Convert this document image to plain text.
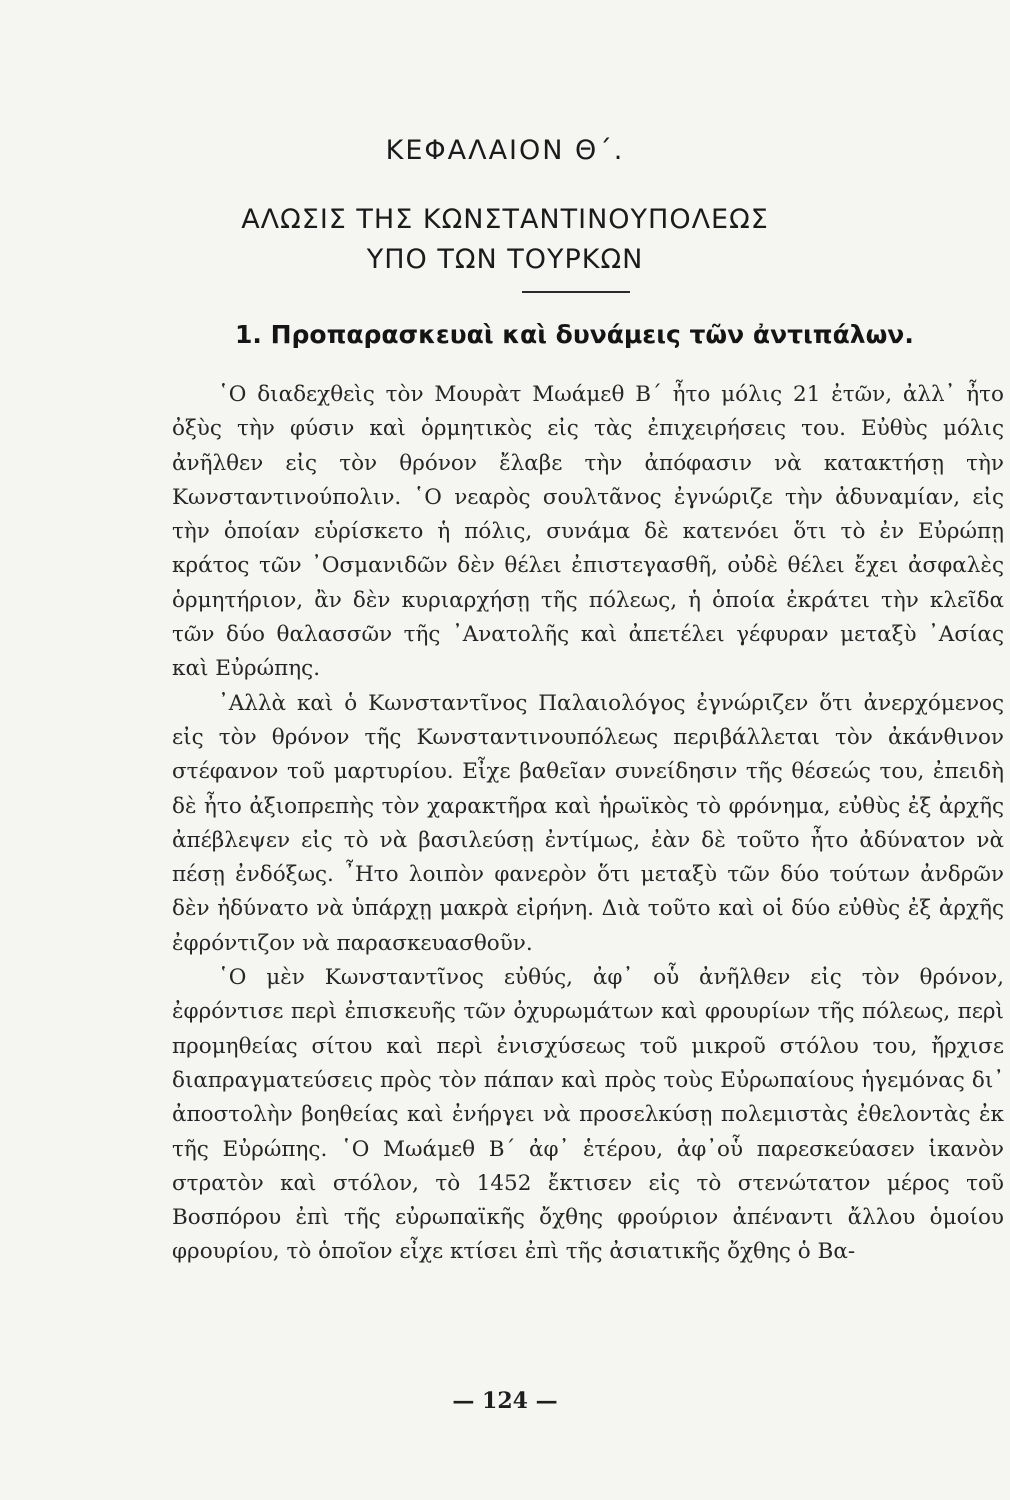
ΚΕΦΑΛΑΙΟΝ Θ΄.
ΑΛΩΣΙΣ ΤΗΣ ΚΩΝΣΤΑΝΤΙΝΟΥΠΟΛΕΩΣ
ΥΠΟ ΤΩΝ ΤΟΥΡΚΩΝ
1. Προπαρασκευαὶ καὶ δυνάμεις τῶν ἀντιπάλων.

῾Ο διαδεχθεὶς τὸν Μουρὰτ Μωάμεθ Β΄ ἦτο μόλις 21 ἐτῶν, ἀλλ᾽ ἦτο ὀξὺς τὴν φύσιν καὶ ὁρμητικὸς εἰς τὰς ἐπιχειρήσεις του. Εὐθὺς μόλις ἀνῆλθεν εἰς τὸν θρόνον ἔλαβε τὴν ἀπόφασιν νὰ κατακτήσῃ τὴν Κωνσταντινούπολιν. ῾Ο νεαρὸς σουλτᾶνος ἐγνώριζε τὴν ἀδυναμίαν, εἰς τὴν ὁποίαν εὑρίσκετο ἡ πόλις, συνάμα δὲ κατενόει ὅτι τὸ ἐν Εὐρώπῃ κράτος τῶν ᾿Οσμανιδῶν δὲν θέλει ἐπιστεγασθῆ, οὐδὲ θέλει ἔχει ἀσφαλὲς ὁρμητήριον, ἂν δὲν κυριαρχήσῃ τῆς πόλεως, ἡ ὁποία ἐκράτει τὴν κλεῖδα τῶν δύο θαλασσῶν τῆς ᾿Ανατολῆς καὶ ἀπετέλει γέφυραν μεταξὺ ᾿Ασίας καὶ Εὐρώπης.

᾿Αλλὰ καὶ ὁ Κωνσταντῖνος Παλαιολόγος ἐγνώριζεν ὅτι ἀνερχόμενος εἰς τὸν θρόνον τῆς Κωνσταντινουπόλεως περιβάλλεται τὸν ἀκάνθινον στέφανον τοῦ μαρτυρίου. Εἶχε βαθεῖαν συνείδησιν τῆς θέσεώς του, ἐπειδὴ δὲ ἦτο ἀξιοπρεπὴς τὸν χαρακτῆρα καὶ ἡρωϊκὸς τὸ φρόνημα, εὐθὺς ἐξ ἀρχῆς ἀπέβλεψεν εἰς τὸ νὰ βασιλεύσῃ ἐντίμως, ἐὰν δὲ τοῦτο ἦτο ἀδύνατον νὰ πέσῃ ἐνδόξως. ῏Ητο λοιπὸν φανερὸν ὅτι μεταξὺ τῶν δύο τούτων ἀνδρῶν δὲν ἠδύνατο νὰ ὑπάρχῃ μακρὰ εἰρήνη. Διὰ τοῦτο καὶ οἱ δύο εὐθὺς ἐξ ἀρχῆς ἐφρόντιζον νὰ παρασκευασθοῦν.

῾Ο μὲν Κωνσταντῖνος εὐθύς, ἀφ᾽ οὗ ἀνῆλθεν εἰς τὸν θρόνον, ἐφρόντισε περὶ ἐπισκευῆς τῶν ὀχυρωμάτων καὶ φρουρίων τῆς πόλεως, περὶ προμηθείας σίτου καὶ περὶ ἐνισχύσεως τοῦ μικροῦ στόλου του, ἤρχισε διαπραγματεύσεις πρὸς τὸν πάπαν καὶ πρὸς τοὺς Εὐρωπαίους ἡγεμόνας δι᾽ ἀποστολὴν βοηθείας καὶ ἐνήργει νὰ προσελκύσῃ πολεμιστὰς ἐθελοντὰς ἐκ τῆς Εὐρώπης. ῾Ο Μωάμεθ Β΄ ἀφ᾽ ἑτέρου, ἀφ᾽οὗ παρεσκεύασεν ἱκανὸν στρατὸν καὶ στόλον, τὸ 1452 ἔκτισεν εἰς τὸ στενώτατον μέρος τοῦ Βοσπόρου ἐπὶ τῆς εὐρωπαϊκῆς ὄχθης φρούριον ἀπέναντι ἄλλου ὁμοίου φρουρίου, τὸ ὁποῖον εἶχε κτίσει ἐπὶ τῆς ἀσιατικῆς ὄχθης ὁ Βα-

— 124 —
